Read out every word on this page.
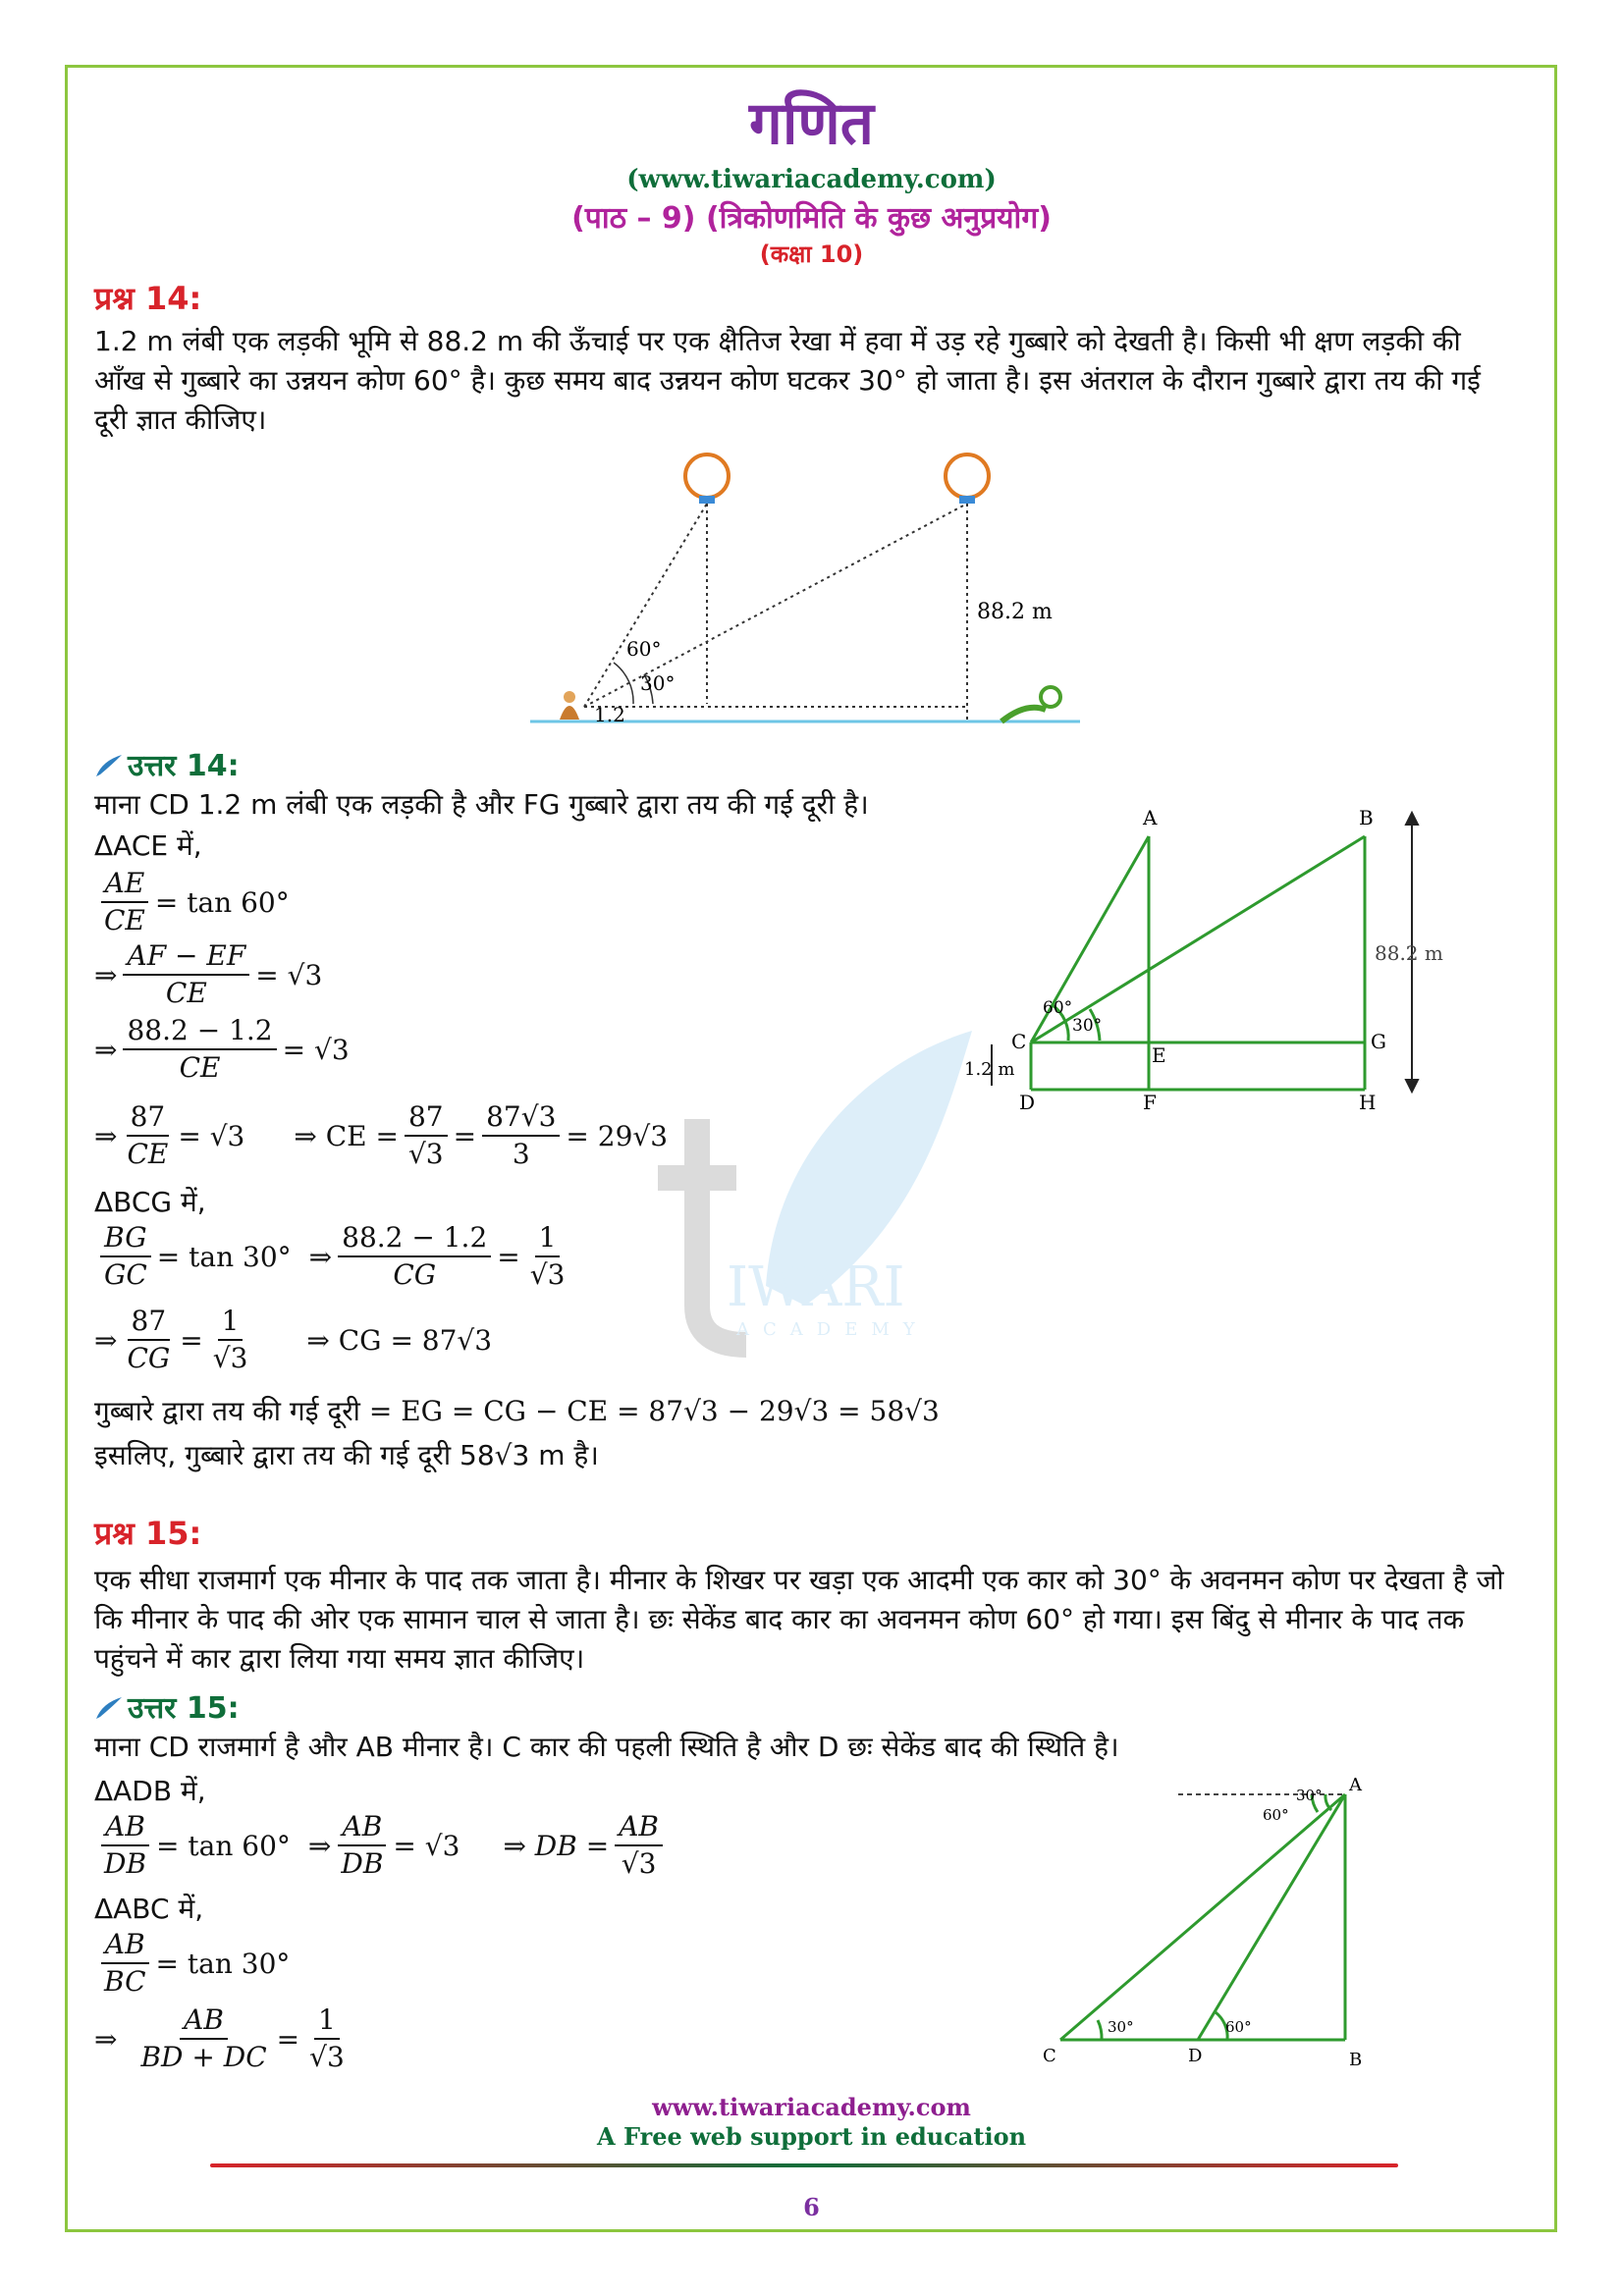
IWARI
ACADEMY
गणित
(www.tiwariacademy.com)
(पाठ – 9) (त्रिकोणमिति के कुछ अनुप्रयोग)
(कक्षा 10)
प्रश्न 14:
1.2 m लंबी एक लड़की भूमि से 88.2 m की ऊँचाई पर एक क्षैतिज रेखा में हवा में उड़ रहे गुब्बारे को देखती है। किसी भी क्षण लड़की की आँख से गुब्बारे का उन्नयन कोण 60° है। कुछ समय बाद उन्नयन कोण घटकर 30° हो जाता है। इस अंतराल के दौरान गुब्बारे द्वारा तय की गई दूरी ज्ञात कीजिए।
60°
30°
88.2 m
1.2
उत्तर 14:
माना CD 1.2 m लंबी एक लड़की है और FG गुब्बारे द्वारा तय की गई दूरी है।
ΔACE में,
$\frac{AE}{CE} = \tan 60^\circ$
⇒ $\frac{AF - EF}{CE} = √3$
⇒ $\frac{88.2 - 1.2}{CE} = √3$
⇒ $\frac{87}{CE} = √3$ ⇒ CE = $\frac{87}{√3} = \frac{87√3}{3} = 29√3$
ΔBCG में,
$\frac{BG}{GC} = \tan 30^\circ$ ⇒ $\frac{88.2 - 1.2}{CG} = \frac{1}{√3}$
⇒ $\frac{87}{CG} = \frac{1}{√3}$ ⇒ CG = 87√3
गुब्बारे द्वारा तय की गई दूरी = EG = CG − CE = 87√3 − 29√3 = 58√3
इसलिए, गुब्बारे द्वारा तय की गई दूरी 58√3 m है।
A	B
C
D
E
F
G
H
60°
30°
88.2 m
1.2 m
प्रश्न 15:
एक सीधा राजमार्ग एक मीनार के पाद तक जाता है। मीनार के शिखर पर खड़ा एक आदमी एक कार को 30° के अवनमन कोण पर देखता है जो कि मीनार के पाद की ओर एक सामान चाल से जाता है। छः सेकेंड बाद कार का अवनमन कोण 60° हो गया। इस बिंदु से मीनार के पाद तक पहुंचने में कार द्वारा लिया गया समय ज्ञात कीजिए।
उत्तर 15:
माना CD राजमार्ग है और AB मीनार है। C कार की पहली स्थिति है और D छः सेकेंड बाद की स्थिति है।
ΔADB में,
$\frac{AB}{DB} = \tan 60^\circ$ ⇒ $\frac{AB}{DB} = √3$ ⇒ DB = $\frac{AB}{√3}$
ΔABC में,
$\frac{AB}{BC} = \tan 30^\circ$
⇒ $\frac{AB}{BD + DC} = \frac{1}{√3}$
A
B
C	D
60°
30°
30°	60°
www.tiwariacademy.com
A Free web support in education
6
